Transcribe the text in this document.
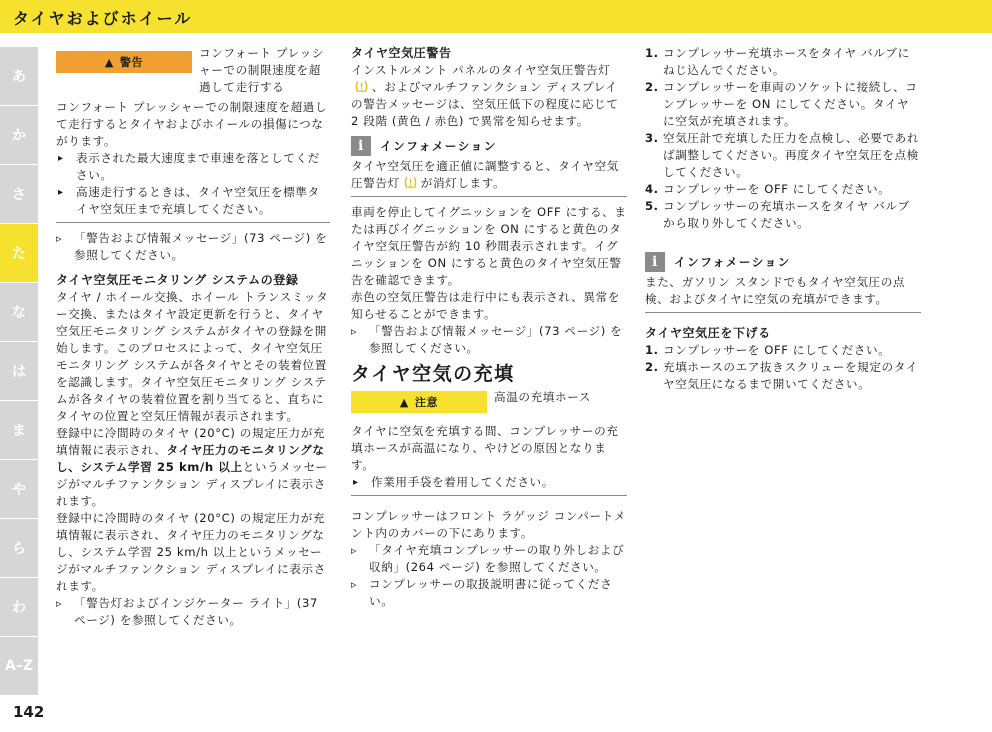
タイヤおよびホイール
あ
か
さ
た
な
は
ま
や
ら
わ
A–Z
142
▲ 警告

コンフォート プレッシャーでの制限速度を超過して走行する

コンフォート プレッシャーでの制限速度を超過して走行するとタイヤおよびホイールの損傷につながります。

▸ 表示された最大速度まで車速を落としてください。

▸ 高速走行するときは、タイヤ空気圧を標準タイヤ空気圧まで充填してください。

▹ 「警告および情報メッセージ」(73 ページ) を参照してください。

タイヤ空気圧モニタリング システムの登録

タイヤ / ホイール交換、ホイール トランスミッター交換、またはタイヤ設定更新を行うと、タイヤ空気圧モニタリング システムがタイヤの登録を開始します。このプロセスによって、タイヤ空気圧モニタリング システムが各タイヤとその装着位置を認識します。タイヤ空気圧モニタリング システムが各タイヤの装着位置を割り当てると、直ちにタイヤの位置と空気圧情報が表示されます。

登録中に冷間時のタイヤ (20°C) の規定圧力が充填情報に表示され、タイヤ圧力のモニタリングなし、システム学習 25 km/h 以上というメッセージがマルチファンクション ディスプレイに表示されます。

登録中に冷間時のタイヤ (20°C) の規定圧力が充填情報に表示され、タイヤ圧力のモニタリングなし、システム学習 25 km/h 以上というメッセージがマルチファンクション ディスプレイに表示されます。

▹ 「警告灯およびインジケーター ライト」(37 ページ) を参照してください。

タイヤ空気圧警告

インストルメント パネルのタイヤ空気圧警告灯、およびマルチファンクション ディスプレイの警告メッセージは、空気圧低下の程度に応じて 2 段階 (黄色 / 赤色) で異常を知らせます。

i	インフォメーション

タイヤ空気圧を適正値に調整すると、タイヤ空気圧警告灯 が消灯します。

車両を停止してイグニッションを OFF にする、または再びイグニッションを ON にすると黄色のタイヤ空気圧警告が約 10 秒間表示されます。イグニッションを ON にすると黄色のタイヤ空気圧警告を確認できます。

赤色の空気圧警告は走行中にも表示され、異常を知らせることができます。

▹ 「警告および情報メッセージ」(73 ページ) を参照してください。

タイヤ空気の充填

▲ 注意	高温の充填ホース

タイヤに空気を充填する間、コンプレッサーの充填ホースが高温になり、やけどの原因となります。

▸ 作業用手袋を着用してください。

コンプレッサーはフロント ラゲッジ コンパートメント内のカバーの下にあります。

▹ 「タイヤ充填コンプレッサーの取り外しおよび収納」(264 ページ) を参照してください。

▹ コンプレッサーの取扱説明書に従ってください。

1. コンプレッサー充填ホースをタイヤ バルブにねじ込んでください。

2. コンプレッサーを車両のソケットに接続し、コンプレッサーを ON にしてください。タイヤに空気が充填されます。

3. 空気圧計で充填した圧力を点検し、必要であれば調整してください。再度タイヤ空気圧を点検してください。

4. コンプレッサーを OFF にしてください。

5. コンプレッサーの充填ホースをタイヤ バルブから取り外してください。

i	インフォメーション

また、ガソリン スタンドでもタイヤ空気圧の点検、およびタイヤに空気の充填ができます。

タイヤ空気圧を下げる

1. コンプレッサーを OFF にしてください。

2. 充填ホースのエア抜きスクリューを規定のタイヤ空気圧になるまで開いてください。
